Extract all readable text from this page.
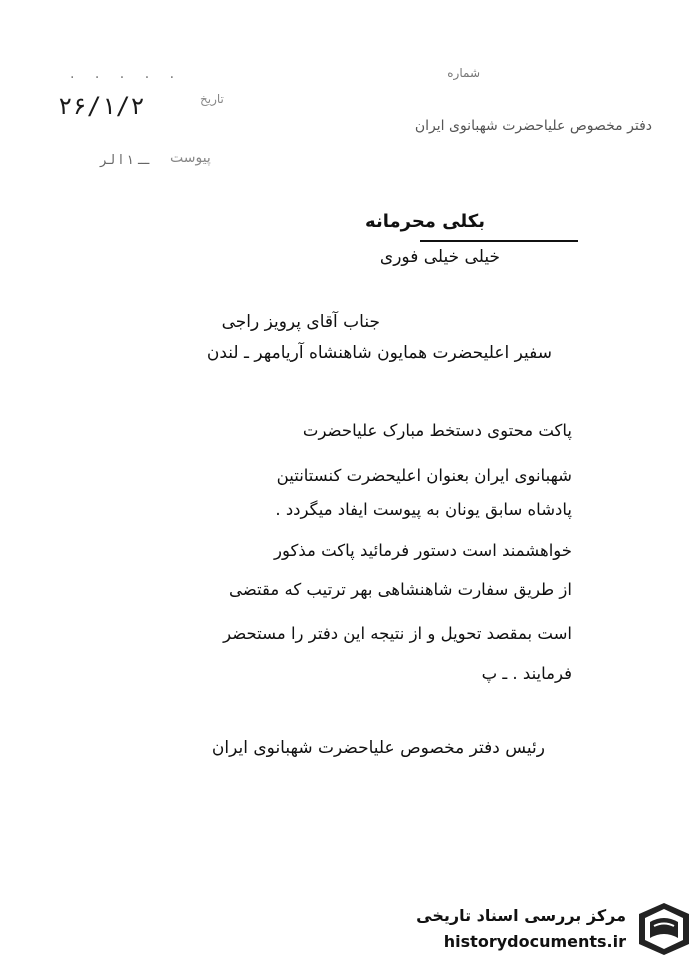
. . . . .
۲۶/۱/۲	تاریخ
ـــ ۱ ا لـر پیوست
شماره
دفتر مخصوص علیاحضرت شهبانوی ایران
بکلی محرمانه
خیلی خیلی فوری
جناب آقای پرویز راجی
سفیر اعلیحضرت همایون شاهنشاه آریامهر ـ لندن
پاکت محتوی دستخط مبارک علیاحضرت
شهبانوی ایران بعنوان اعلیحضرت کنستانتین
پادشاه سابق یونان به پیوست ایفاد میگردد .
خواهشمند است دستور فرمائید پاکت مذکور
از طریق سفارت شاهنشاهی بهر ترتیب که مقتضی
است بمقصد تحویل و از نتیجه این دفتر را مستحضر
فرمایند . ـ پ
رئیس دفتر مخصوص علیاحضرت شهبانوی ایران
مرکز بررسی اسناد تاریخی
historydocuments.ir
